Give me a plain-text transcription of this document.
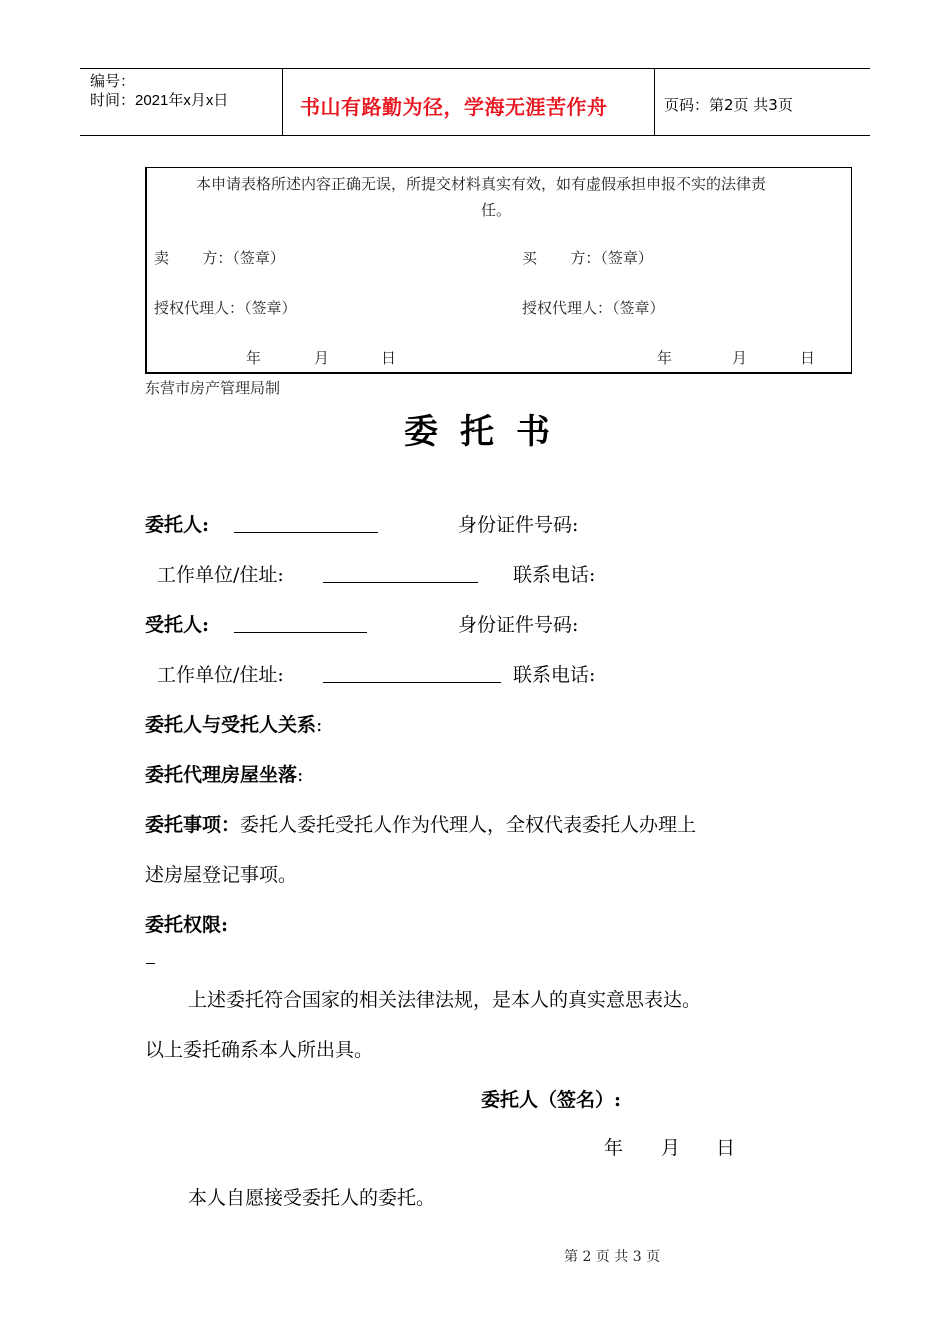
编号：
时间：2021年x月x日	书山有路勤为径，学海无涯苦作舟	页码：第2页 共3页
本申请表格所述内容正确无误，所提交材料真实有效，如有虚假承担申报不实的法律责
任。
卖       方：（签章）	买       方：（签章）
授权代理人：（签章）	授权代理人：（签章）
年	月	日	年	月	日
东营市房产管理局制
委托书
委托人:	身份证件号码:
工作单位/住址:	联系电话:
受托人:	身份证件号码:
工作单位/住址:	联系电话:
委托人与受托人关系:
委托代理房屋坐落:
委托事项：委托人委托受托人作为代理人，全权代表委托人办理上
述房屋登记事项。
委托权限:
上述委托符合国家的相关法律法规，是本人的真实意思表达。
以上委托确系本人所出具。
委托人（签名）:
年 月 日
本人自愿接受委托人的委托。
第 2 页 共 3 页
